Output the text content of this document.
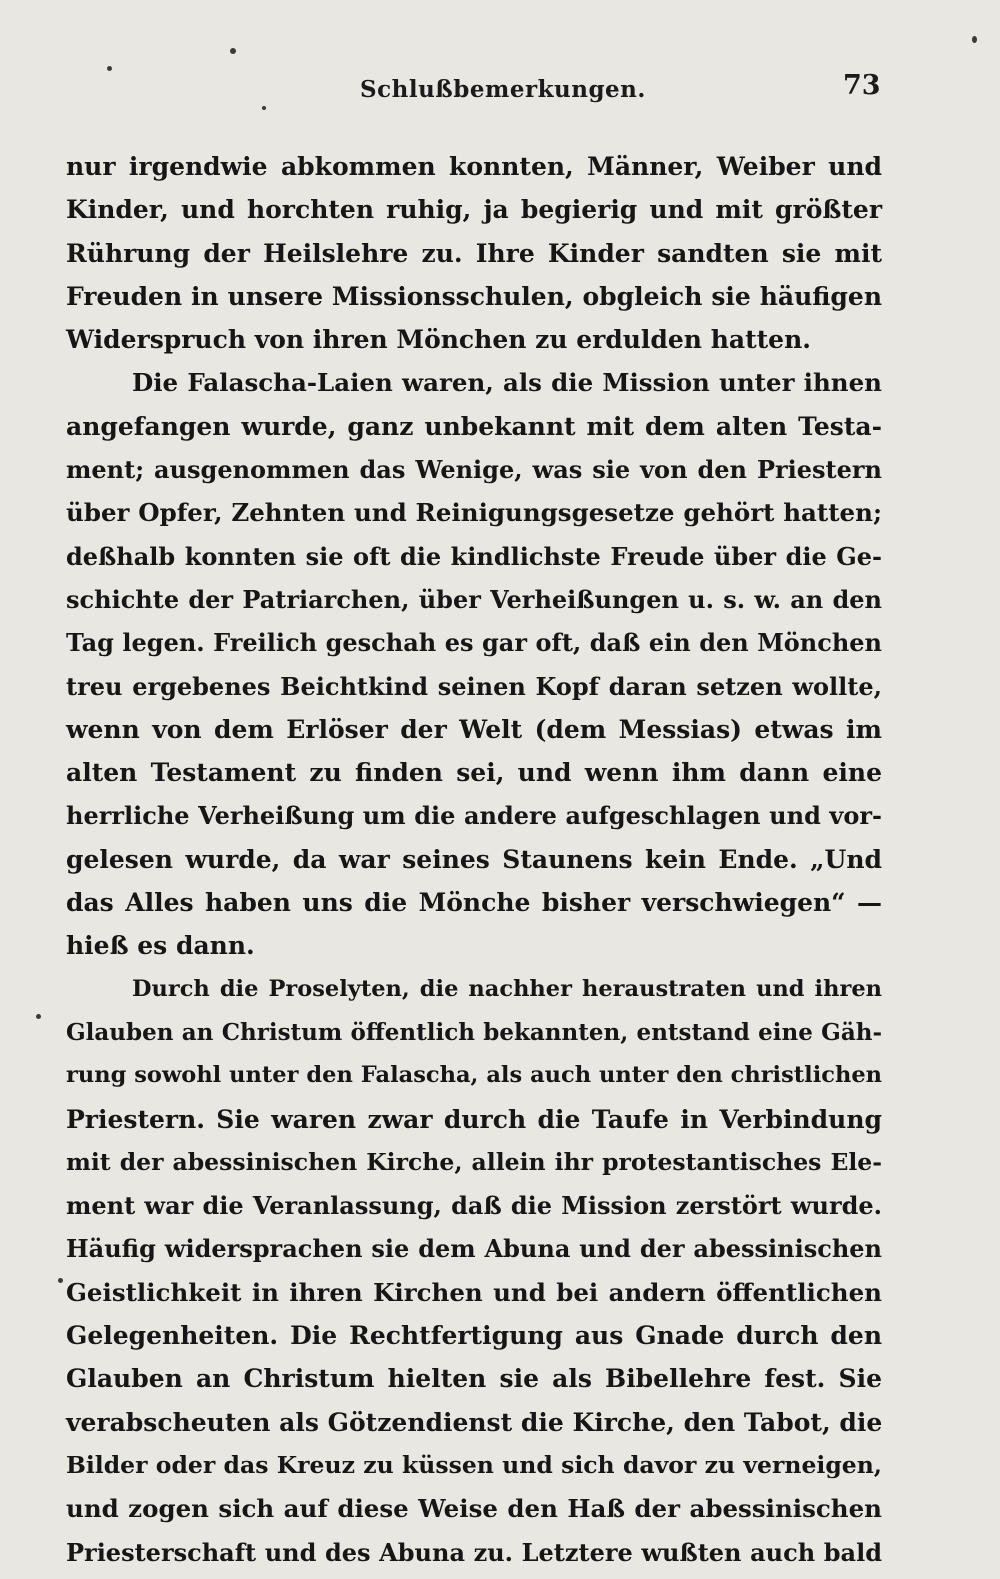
Schlußbemerkungen.	73
nur irgendwie abkommen konnten, Männer, Weiber und
Kinder, und horchten ruhig, ja begierig und mit größter
Rührung der Heilslehre zu. Ihre Kinder sandten sie mit
Freuden in unsere Missionsschulen, obgleich sie häufigen
Widerspruch von ihren Mönchen zu erdulden hatten.
Die Falascha-Laien waren, als die Mission unter ihnen
angefangen wurde, ganz unbekannt mit dem alten Testa-
ment; ausgenommen das Wenige, was sie von den Priestern
über Opfer, Zehnten und Reinigungsgesetze gehört hatten;
deßhalb konnten sie oft die kindlichste Freude über die Ge-
schichte der Patriarchen, über Verheißungen u. s. w. an den
Tag legen. Freilich geschah es gar oft, daß ein den Mönchen
treu ergebenes Beichtkind seinen Kopf daran setzen wollte,
wenn von dem Erlöser der Welt (dem Messias) etwas im
alten Testament zu finden sei, und wenn ihm dann eine
herrliche Verheißung um die andere aufgeschlagen und vor-
gelesen wurde, da war seines Staunens kein Ende. „Und
das Alles haben uns die Mönche bisher verschwiegen“ —
hieß es dann.
Durch die Proselyten, die nachher heraustraten und ihren
Glauben an Christum öffentlich bekannten, entstand eine Gäh-
rung sowohl unter den Falascha, als auch unter den christlichen
Priestern. Sie waren zwar durch die Taufe in Verbindung
mit der abessinischen Kirche, allein ihr protestantisches Ele-
ment war die Veranlassung, daß die Mission zerstört wurde.
Häufig widersprachen sie dem Abuna und der abessinischen
Geistlichkeit in ihren Kirchen und bei andern öffentlichen
Gelegenheiten. Die Rechtfertigung aus Gnade durch den
Glauben an Christum hielten sie als Bibellehre fest. Sie
verabscheuten als Götzendienst die Kirche, den Tabot, die
Bilder oder das Kreuz zu küssen und sich davor zu verneigen,
und zogen sich auf diese Weise den Haß der abessinischen
Priesterschaft und des Abuna zu. Letztere wußten auch bald
